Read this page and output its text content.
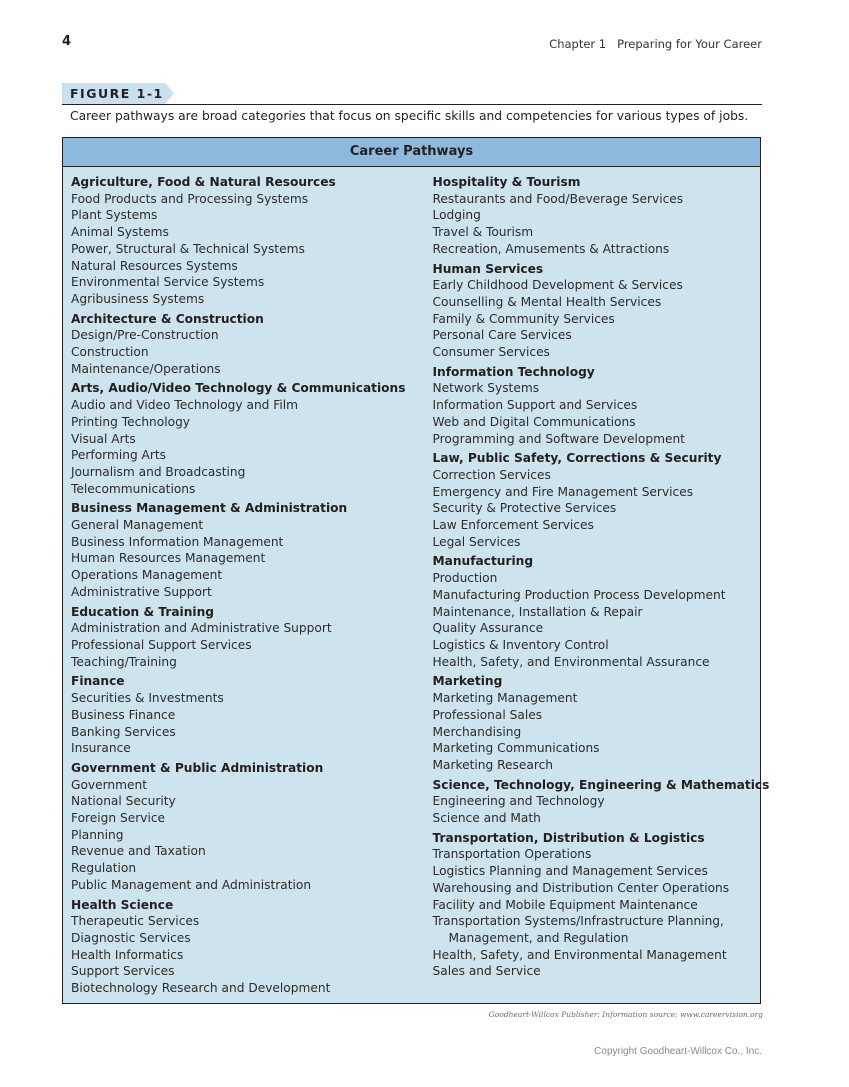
4	Chapter 1   Preparing for Your Career
FIGURE 1-1
Career pathways are broad categories that focus on specific skills and competencies for various types of jobs.
Career Pathways
Agriculture, Food & Natural Resources
Food Products and Processing Systems
Plant Systems
Animal Systems
Power, Structural & Technical Systems
Natural Resources Systems
Environmental Service Systems
Agribusiness Systems
Architecture & Construction
Design/Pre-Construction
Construction
Maintenance/Operations
Arts, Audio/Video Technology & Communications
Audio and Video Technology and Film
Printing Technology
Visual Arts
Performing Arts
Journalism and Broadcasting
Telecommunications
Business Management & Administration
General Management
Business Information Management
Human Resources Management
Operations Management
Administrative Support
Education & Training
Administration and Administrative Support
Professional Support Services
Teaching/Training
Finance
Securities & Investments
Business Finance
Banking Services
Insurance
Government & Public Administration
Government
National Security
Foreign Service
Planning
Revenue and Taxation
Regulation
Public Management and Administration
Health Science
Therapeutic Services
Diagnostic Services
Health Informatics
Support Services
Biotechnology Research and Development
Hospitality & Tourism
Restaurants and Food/Beverage Services
Lodging
Travel & Tourism
Recreation, Amusements & Attractions
Human Services
Early Childhood Development & Services
Counselling & Mental Health Services
Family & Community Services
Personal Care Services
Consumer Services
Information Technology
Network Systems
Information Support and Services
Web and Digital Communications
Programming and Software Development
Law, Public Safety, Corrections & Security
Correction Services
Emergency and Fire Management Services
Security & Protective Services
Law Enforcement Services
Legal Services
Manufacturing
Production
Manufacturing Production Process Development
Maintenance, Installation & Repair
Quality Assurance
Logistics & Inventory Control
Health, Safety, and Environmental Assurance
Marketing
Marketing Management
Professional Sales
Merchandising
Marketing Communications
Marketing Research
Science, Technology, Engineering & Mathematics
Engineering and Technology
Science and Math
Transportation, Distribution & Logistics
Transportation Operations
Logistics Planning and Management Services
Warehousing and Distribution Center Operations
Facility and Mobile Equipment Maintenance
Transportation Systems/Infrastructure Planning,
Management, and Regulation
Health, Safety, and Environmental Management
Sales and Service
Goodheart-Willcox Publisher; Information source: www.careervision.org
Copyright Goodheart-Willcox Co., Inc.
